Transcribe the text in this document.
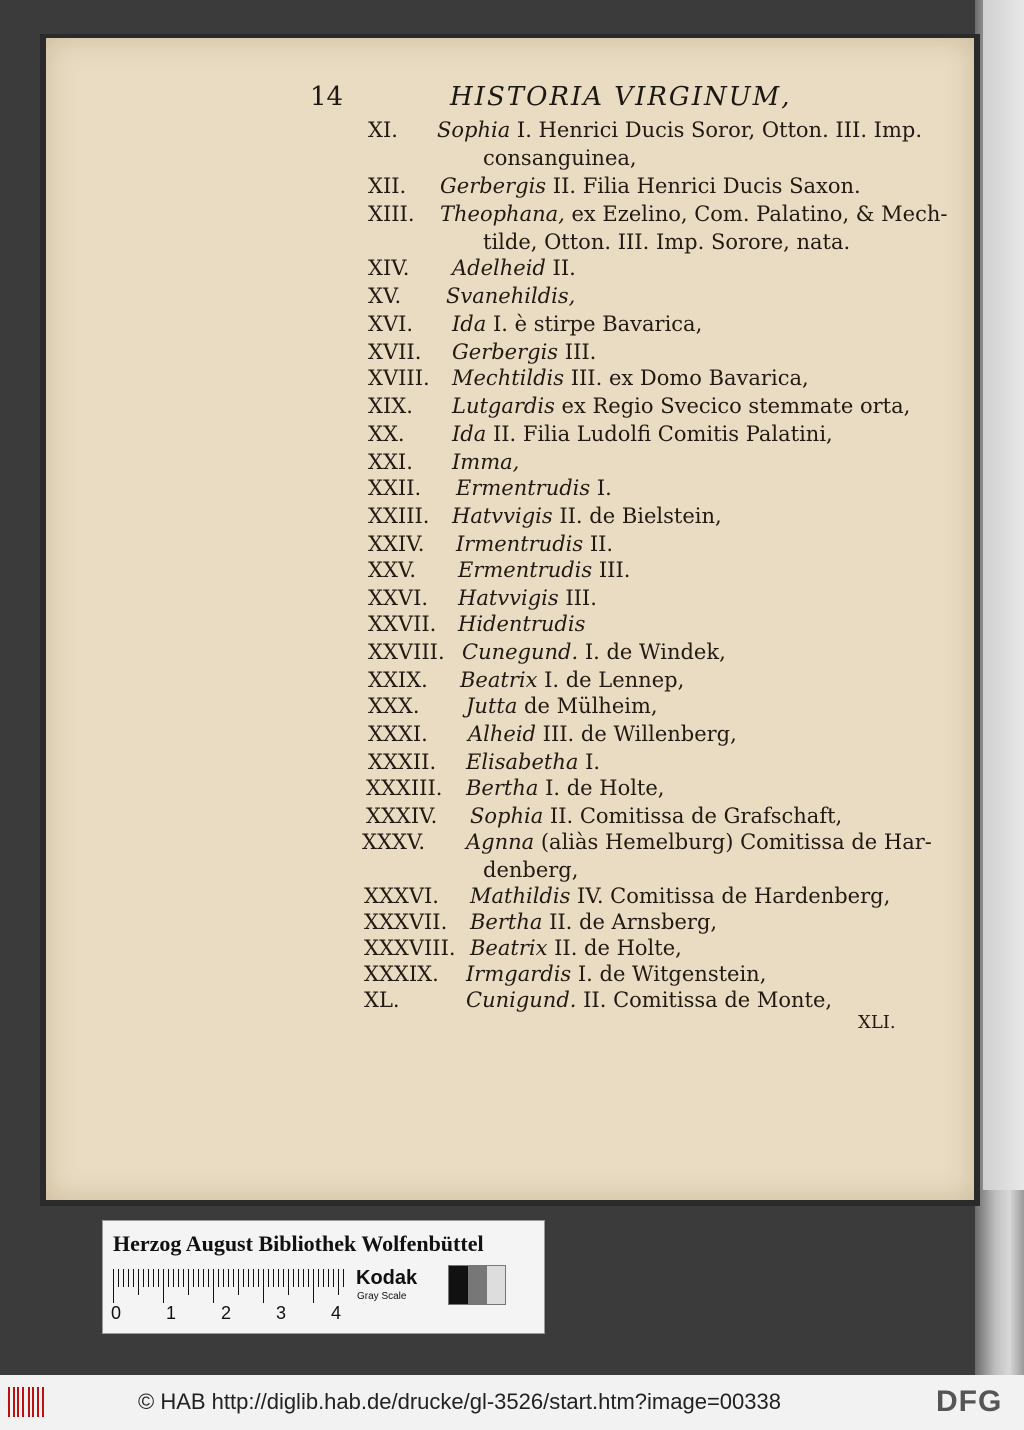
14	HISTORIA VIRGINUM,
XI. Sophia I. Henrici Ducis Soror, Otton. III. Imp.
consanguinea,
XII. Gerbergis II. Filia Henrici Ducis Saxon.
XIII. Theophana, ex Ezelino, Com. Palatino, & Mech-
tilde, Otton. III. Imp. Sorore, nata.
XIV. Adelheid II.
XV. Svanehildis,
XVI. Ida I. è stirpe Bavarica,
XVII. Gerbergis III.
XVIII. Mechtildis III. ex Domo Bavarica,
XIX. Lutgardis ex Regio Svecico stemmate orta,
XX. Ida II. Filia Ludolfi Comitis Palatini,
XXI. Imma,
XXII. Ermentrudis I.
XXIII. Hatvvigis II. de Bielstein,
XXIV. Irmentrudis II.
XXV. Ermentrudis III.
XXVI. Hatvvigis III.
XXVII. Hidentrudis
XXVIII. Cunegund. I. de Windek,
XXIX. Beatrix I. de Lennep,
XXX. Jutta de Mülheim,
XXXI. Alheid III. de Willenberg,
XXXII. Elisabetha I.
XXXIII. Bertha I. de Holte,
XXXIV. Sophia II. Comitissa de Grafschaft,
XXXV. Agnna (aliàs Hemelburg) Comitissa de Har-
denberg,
XXXVI. Mathildis IV. Comitissa de Hardenberg,
XXXVII. Bertha II. de Arnsberg,
XXXVIII. Beatrix II. de Holte,
XXXIX. Irmgardis I. de Witgenstein,
XL.	Cunigund. II. Comitissa de Monte,
XLI.
Herzog August Bibliothek Wolfenbüttel
0 1 2 3 4
Kodak
Gray Scale
© HAB http://diglib.hab.de/drucke/gl-3526/start.htm?image=00338	DFG
